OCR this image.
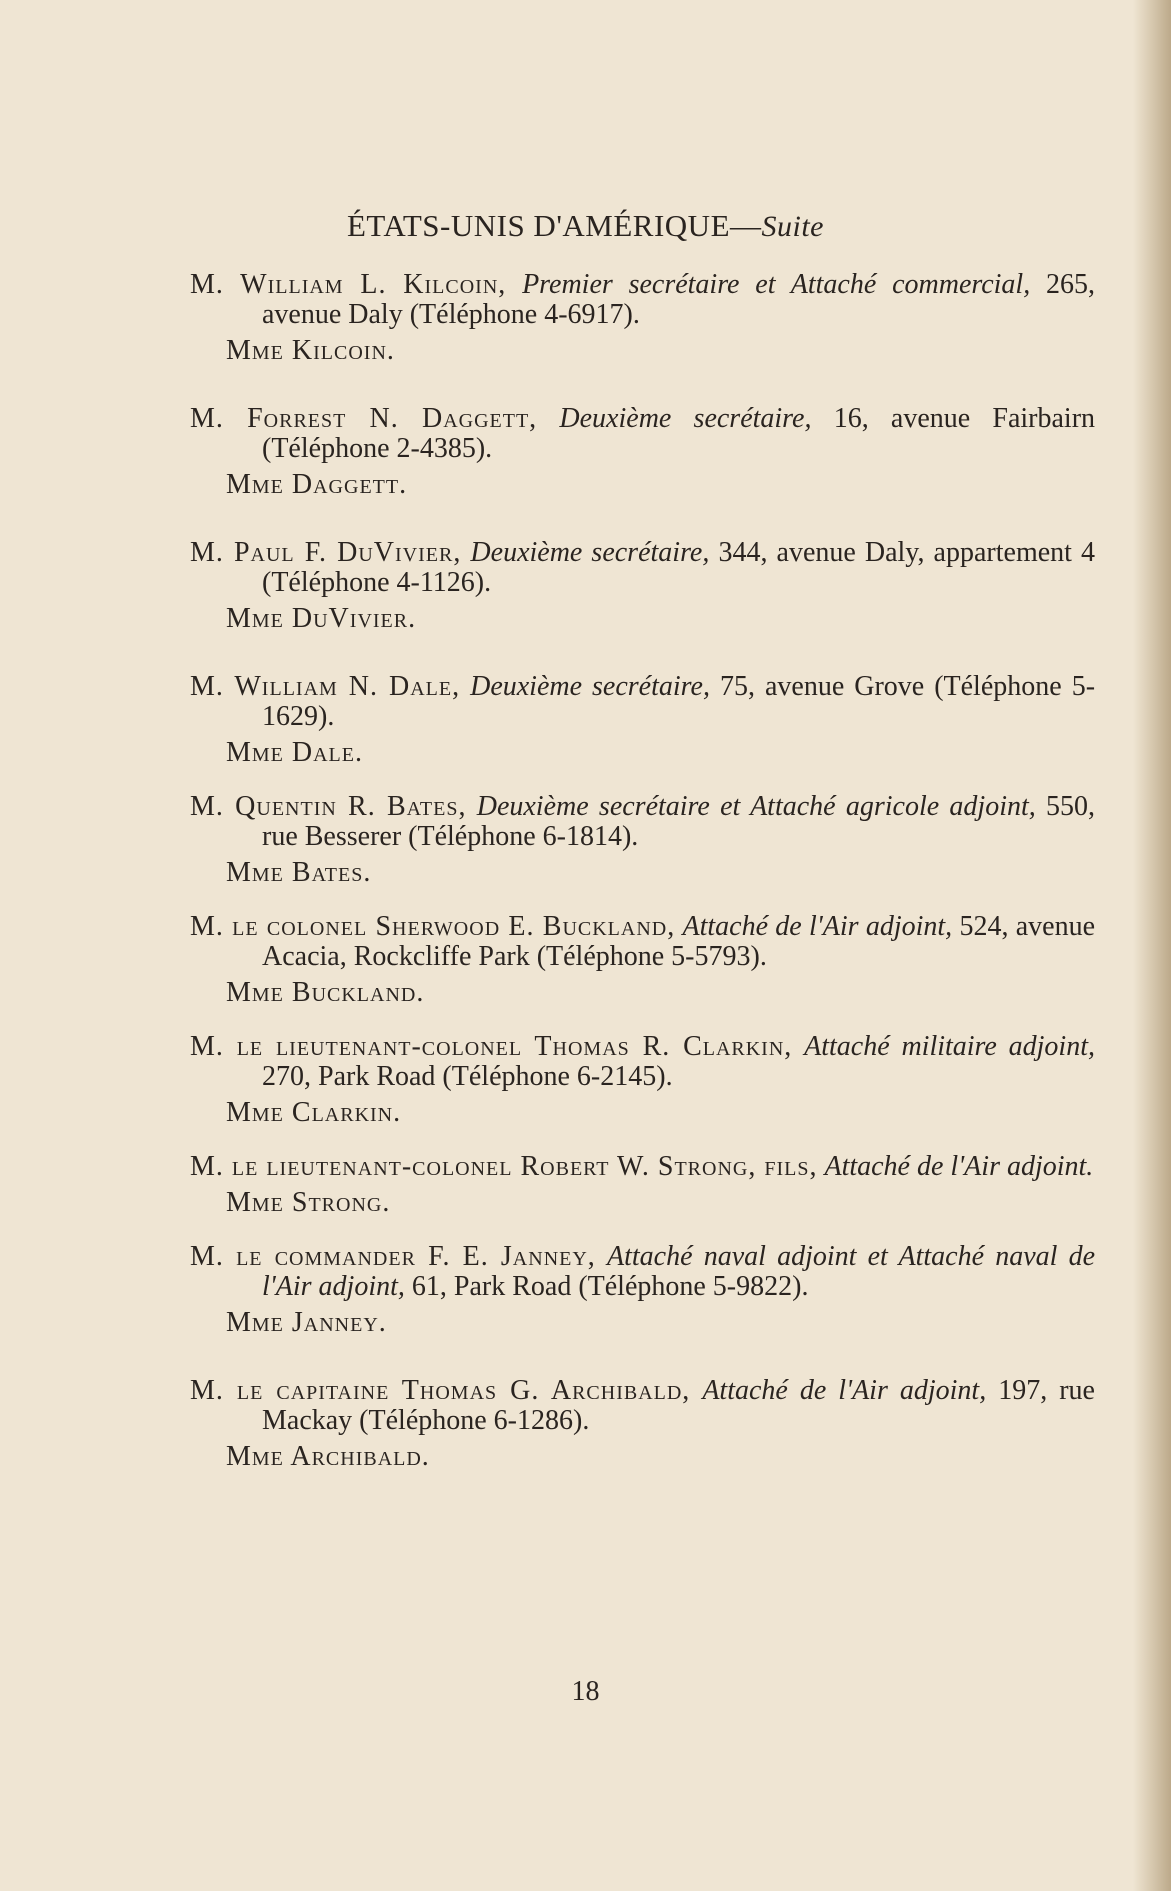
ÉTATS-UNIS D'AMÉRIQUE—Suite

M. William L. Kilcoin, Premier secrétaire et Attaché commercial, 265, avenue Daly (Téléphone 4-6917).

Mme Kilcoin.

M. Forrest N. Daggett, Deuxième secrétaire, 16, avenue Fairbairn (Téléphone 2-4385).

Mme Daggett.

M. Paul F. DuVivier, Deuxième secrétaire, 344, avenue Daly, appartement 4 (Téléphone 4-1126).

Mme DuVivier.

M. William N. Dale, Deuxième secrétaire, 75, avenue Grove (Téléphone 5-1629).

Mme Dale.

M. Quentin R. Bates, Deuxième secrétaire et Attaché agricole adjoint, 550, rue Besserer (Téléphone 6-1814).

Mme Bates.

M. le colonel Sherwood E. Buckland, Attaché de l'Air adjoint, 524, avenue Acacia, Rockcliffe Park (Téléphone 5-5793).

Mme Buckland.

M. le lieutenant-colonel Thomas R. Clarkin, Attaché militaire adjoint, 270, Park Road (Téléphone 6-2145).

Mme Clarkin.

M. le lieutenant-colonel Robert W. Strong, fils, Attaché de l'Air adjoint.

Mme Strong.

M. le commander F. E. Janney, Attaché naval adjoint et Attaché naval de l'Air adjoint, 61, Park Road (Téléphone 5-9822).

Mme Janney.

M. le capitaine Thomas G. Archibald, Attaché de l'Air adjoint, 197, rue Mackay (Téléphone 6-1286).

Mme Archibald.

18
